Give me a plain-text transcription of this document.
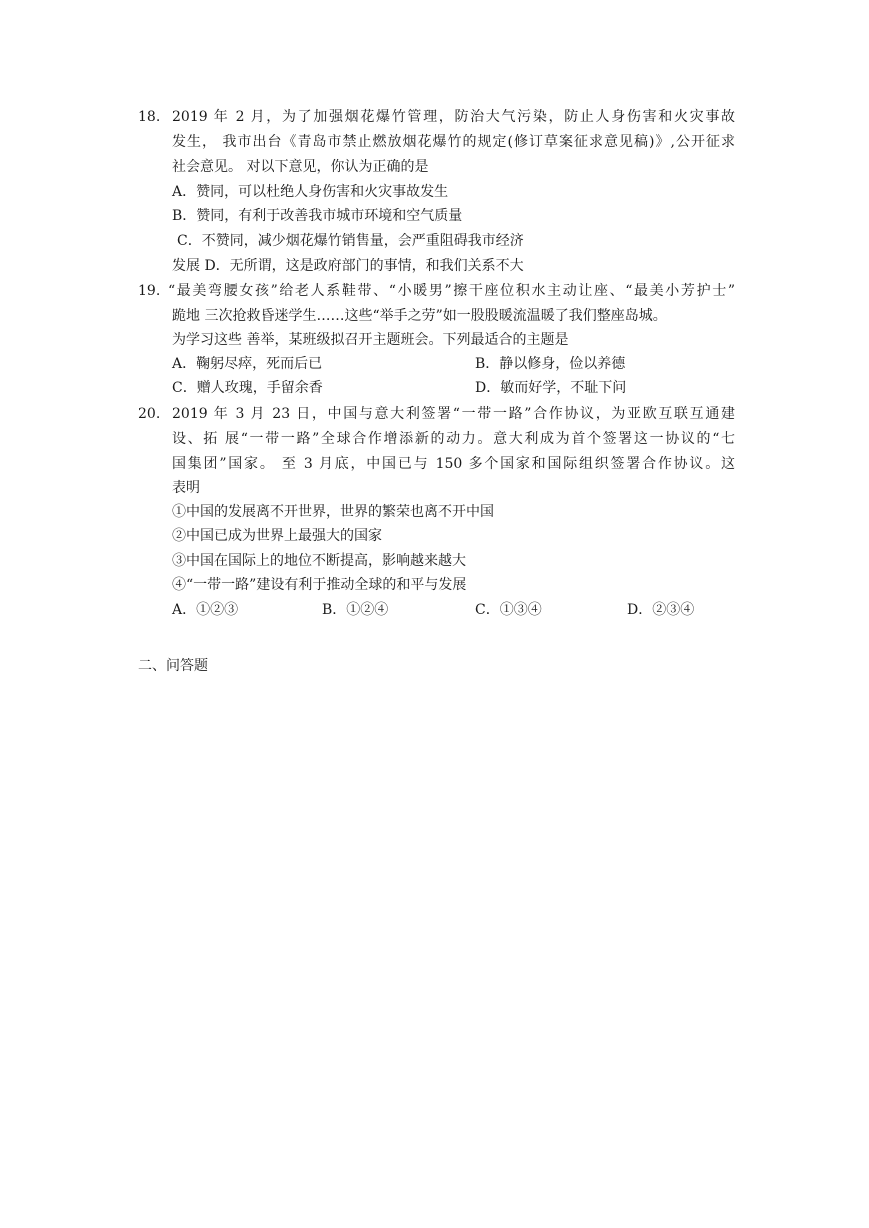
18. 2019 年 2 月，为了加强烟花爆竹管理，防治大气污染，防止人身伤害和火灾事故
发生， 我市出台《青岛市禁止燃放烟花爆竹的规定(修订草案征求意见稿)》,公开征求
社会意见。 对以下意见，你认为正确的是
A．赞同，可以杜绝人身伤害和火灾事故发生
B．赞同，有利于改善我市城市环境和空气质量
C．不赞同，减少烟花爆竹销售量，会严重阻碍我市经济
发展 D．无所谓，这是政府部门的事情，和我们关系不大
19. “最美弯腰女孩”给老人系鞋带、“小暖男”擦干座位积水主动让座、“最美小芳护士”
跪地 三次抢救昏迷学生……这些“举手之劳”如一股股暖流温暖了我们整座岛城。
为学习这些 善举，某班级拟召开主题班会。下列最适合的主题是
A．鞠躬尽瘁，死而后已	B．静以修身，俭以养德
C．赠人玫瑰，手留余香	D．敏而好学，不耻下问
20. 2019 年 3 月 23 日，中国与意大利签署“一带一路”合作协议，为亚欧互联互通建
设、拓 展“一带一路”全球合作增添新的动力。意大利成为首个签署这一协议的“七
国集团”国家。 至 3 月底，中国已与 150 多个国家和国际组织签署合作协议。这
表明
①中国的发展离不开世界，世界的繁荣也离不开中国
②中国已成为世界上最强大的国家
③中国在国际上的地位不断提高，影响越来越大
④“一带一路”建设有利于推动全球的和平与发展
A．①②③	B．①②④	C．①③④	D．②③④
二、问答题
